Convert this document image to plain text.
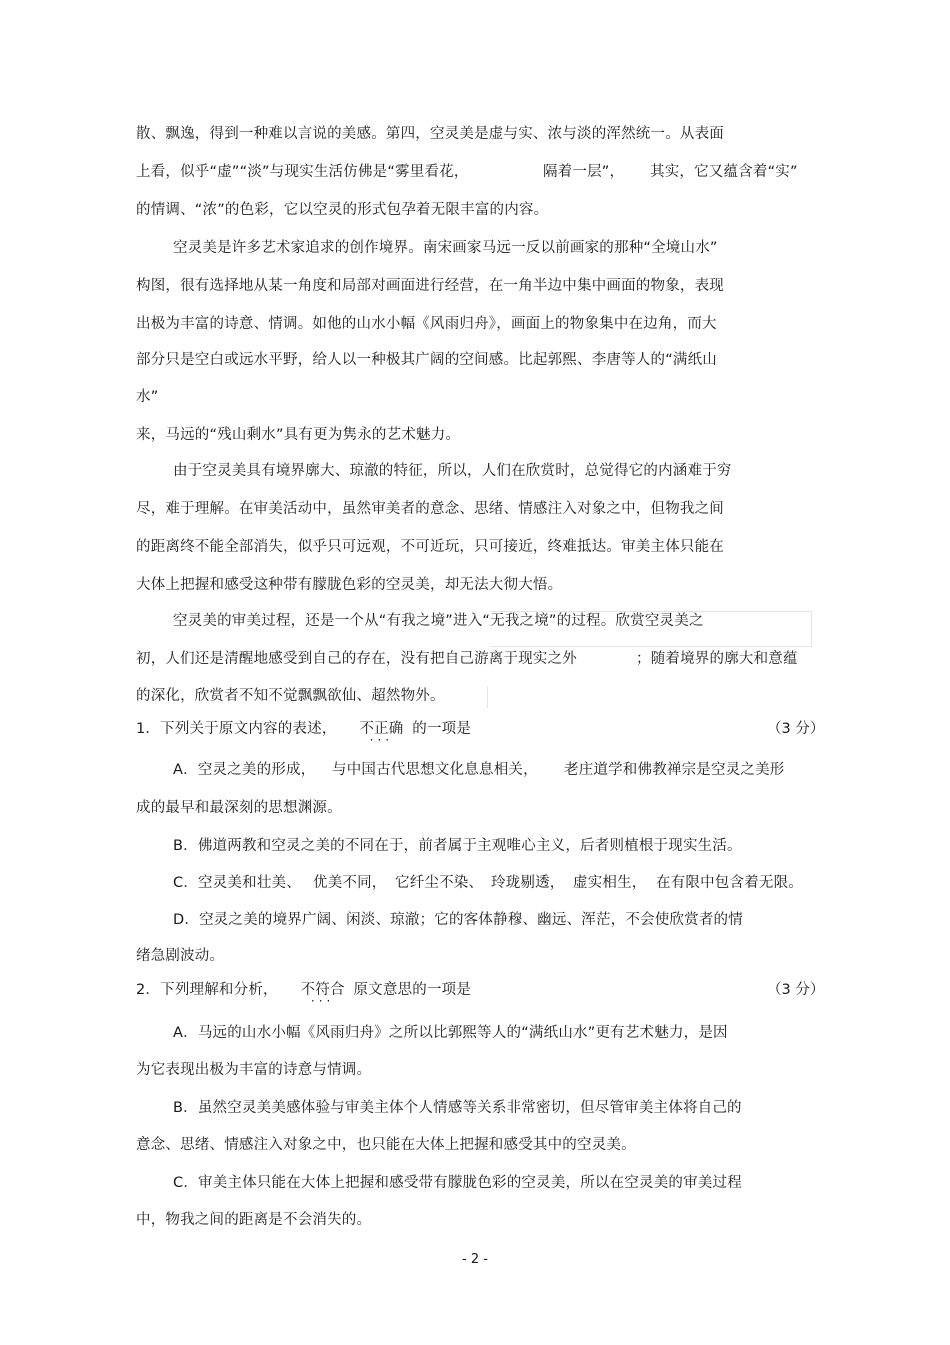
散、飘逸，得到一种难以言说的美感。第四，空灵美是虚与实、浓与淡的浑然统一。从表面
上看，似乎“虚”“淡”与现实生活仿佛是“雾里看花，	隔着一层”， 其实，它又蕴含着“实”
的情调、“浓”的色彩，它以空灵的形式包孕着无限丰富的内容。
空灵美是许多艺术家追求的创作境界。南宋画家马远一反以前画家的那种“全境山水”
构图，很有选择地从某一角度和局部对画面进行经营，在一角半边中集中画面的物象，表现
出极为丰富的诗意、情调。如他的山水小幅《风雨归舟》，画面上的物象集中在边角，而大
部分只是空白或远水平野，给人以一种极其广阔的空间感。比起郭熙、李唐等人的“满纸山
水”
来，马远的“残山剩水”具有更为隽永的艺术魅力。
由于空灵美具有境界廓大、琼澈的特征，所以，人们在欣赏时，总觉得它的内涵难于穷
尽，难于理解。在审美活动中，虽然审美者的意念、思绪、情感注入对象之中，但物我之间
的距离终不能全部消失，似乎只可远观，不可近玩，只可接近，终难抵达。审美主体只能在
大体上把握和感受这种带有朦胧色彩的空灵美，却无法大彻大悟。
空灵美的审美过程，还是一个从“有我之境”进入“无我之境”的过程。欣赏空灵美之
初，人们还是清醒地感受到自己的存在，没有把自己游离于现实之外	；随着境界的廓大和意蕴
的深化，欣赏者不知不觉飘飘欲仙、超然物外。
1．下列关于原文内容的表述， 不正确
···
的一项是	（3 分）
A．空灵之美的形成， 与中国古代思想文化息息相关， 老庄道学和佛教禅宗是空灵之美形
成的最早和最深刻的思想渊源。
B．佛道两教和空灵之美的不同在于，前者属于主观唯心主义，后者则植根于现实生活。
C．空灵美和壮美、 优美不同， 它纤尘不染、 玲珑剔透， 虚实相生， 在有限中包含着无限。
D．空灵之美的境界广阔、闲淡、琼澈；它的客体静穆、幽远、浑茫，不会使欣赏者的情
绪急剧波动。
2．下列理解和分析， 不符合
···
原文意思的一项是	（3 分）
A．马远的山水小幅《风雨归舟》之所以比郭熙等人的“满纸山水”更有艺术魅力，是因
为它表现出极为丰富的诗意与情调。
B．虽然空灵美美感体验与审美主体个人情感等关系非常密切，但尽管审美主体将自己的
意念、思绪、情感注入对象之中，也只能在大体上把握和感受其中的空灵美。
C．审美主体只能在大体上把握和感受带有朦胧色彩的空灵美，所以在空灵美的审美过程
中，物我之间的距离是不会消失的。
- 2 -
